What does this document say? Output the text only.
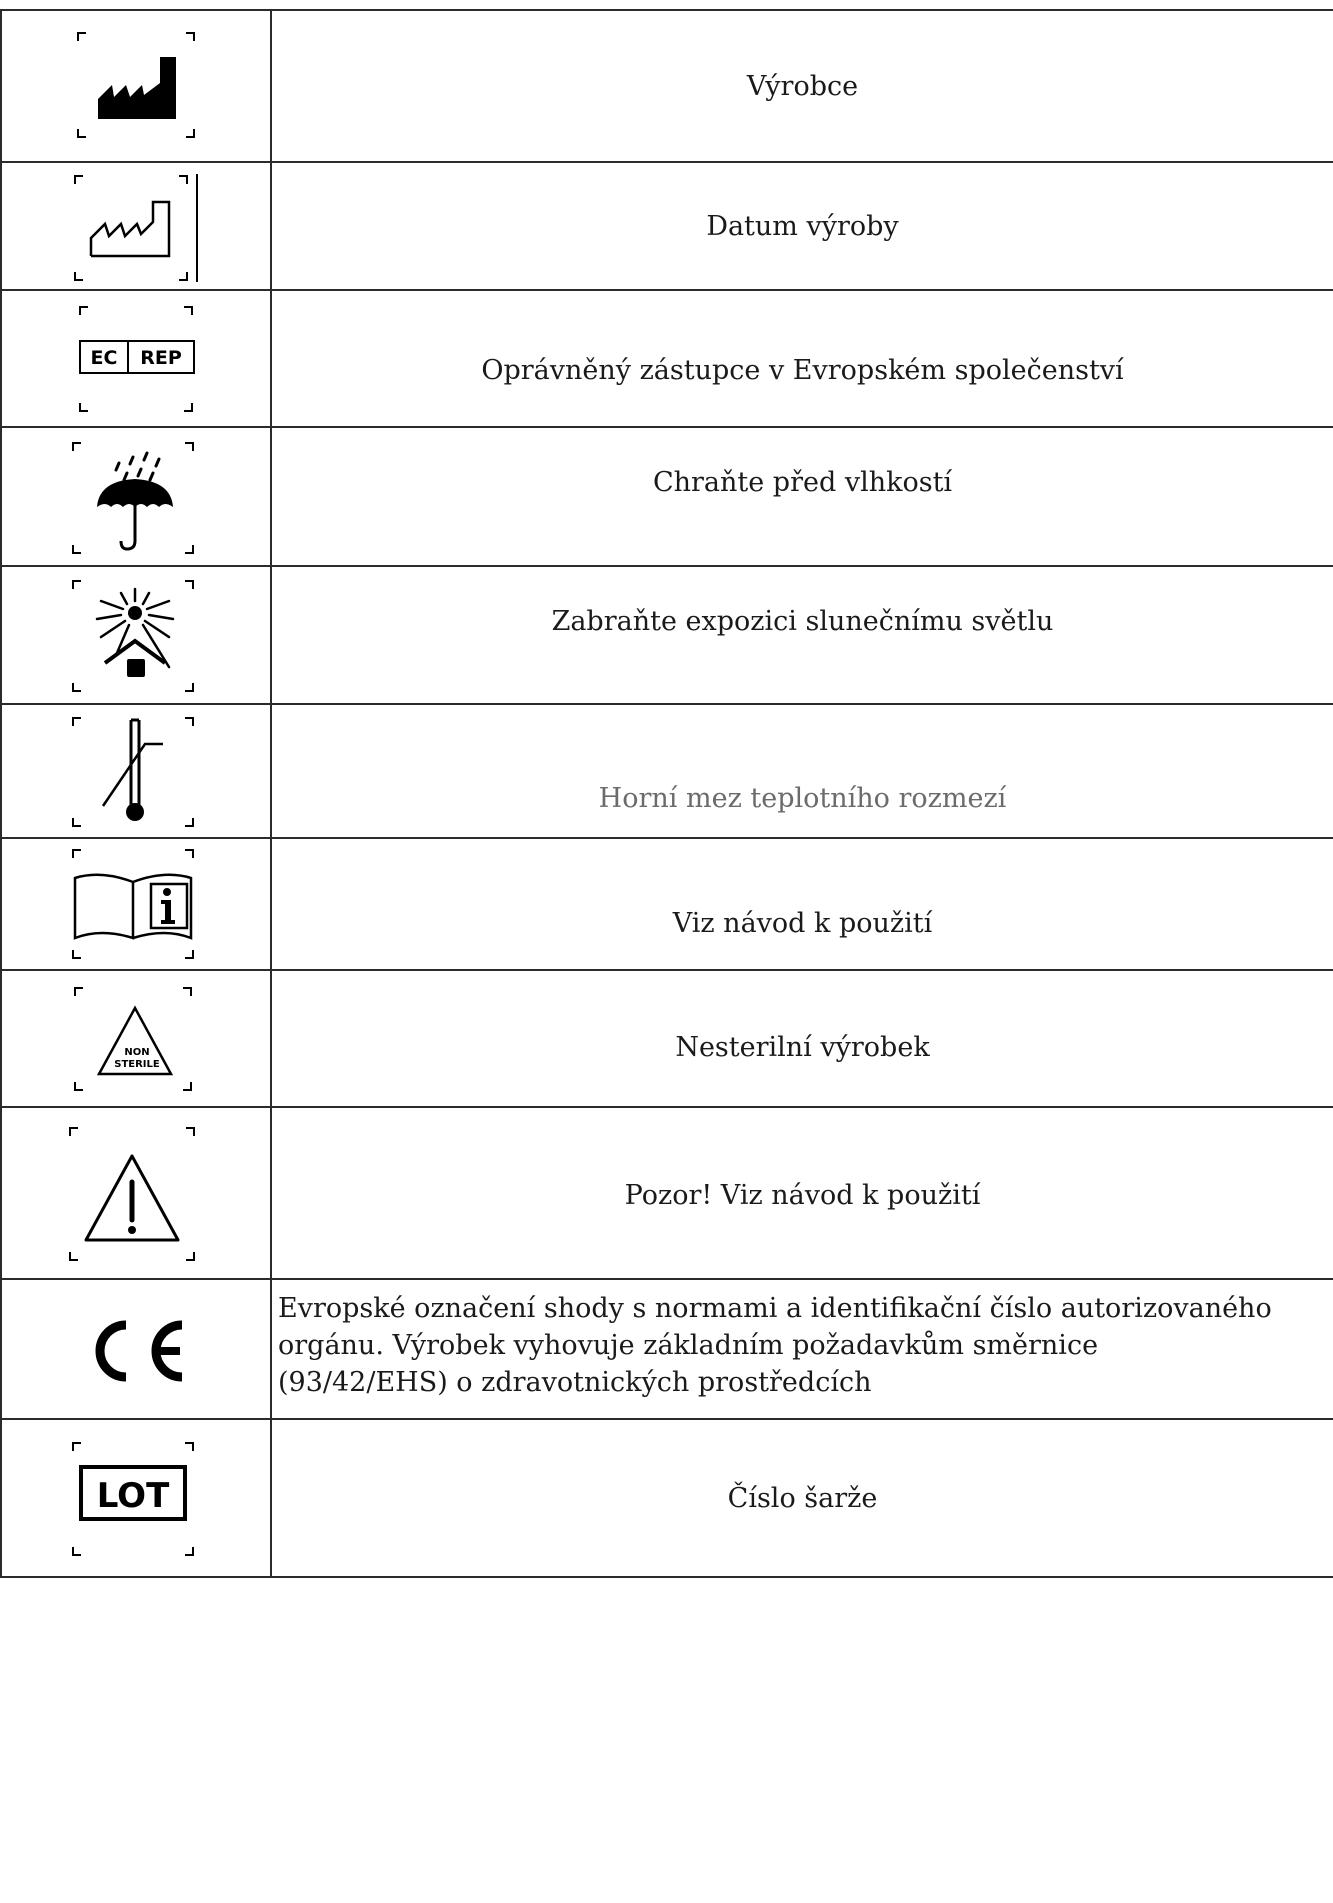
	Výrobce

	Datum výroby

EC REP	Oprávněný zástupce v Evropském společenství

	Chraňte před vlhkostí

	Zabraňte expozici slunečnímu světlu

	Horní mez teplotního rozmezí

	Viz návod k použití

NON
STERILE	Nesterilní výrobek

	Pozor! Viz návod k použití

Evropské označení shody s normami a identifikační číslo autorizovaného
orgánu. Výrobek vyhovuje základním požadavkům směrnice
(93/42/EHS) o zdravotnických prostředcích

LOT	Číslo šarže
